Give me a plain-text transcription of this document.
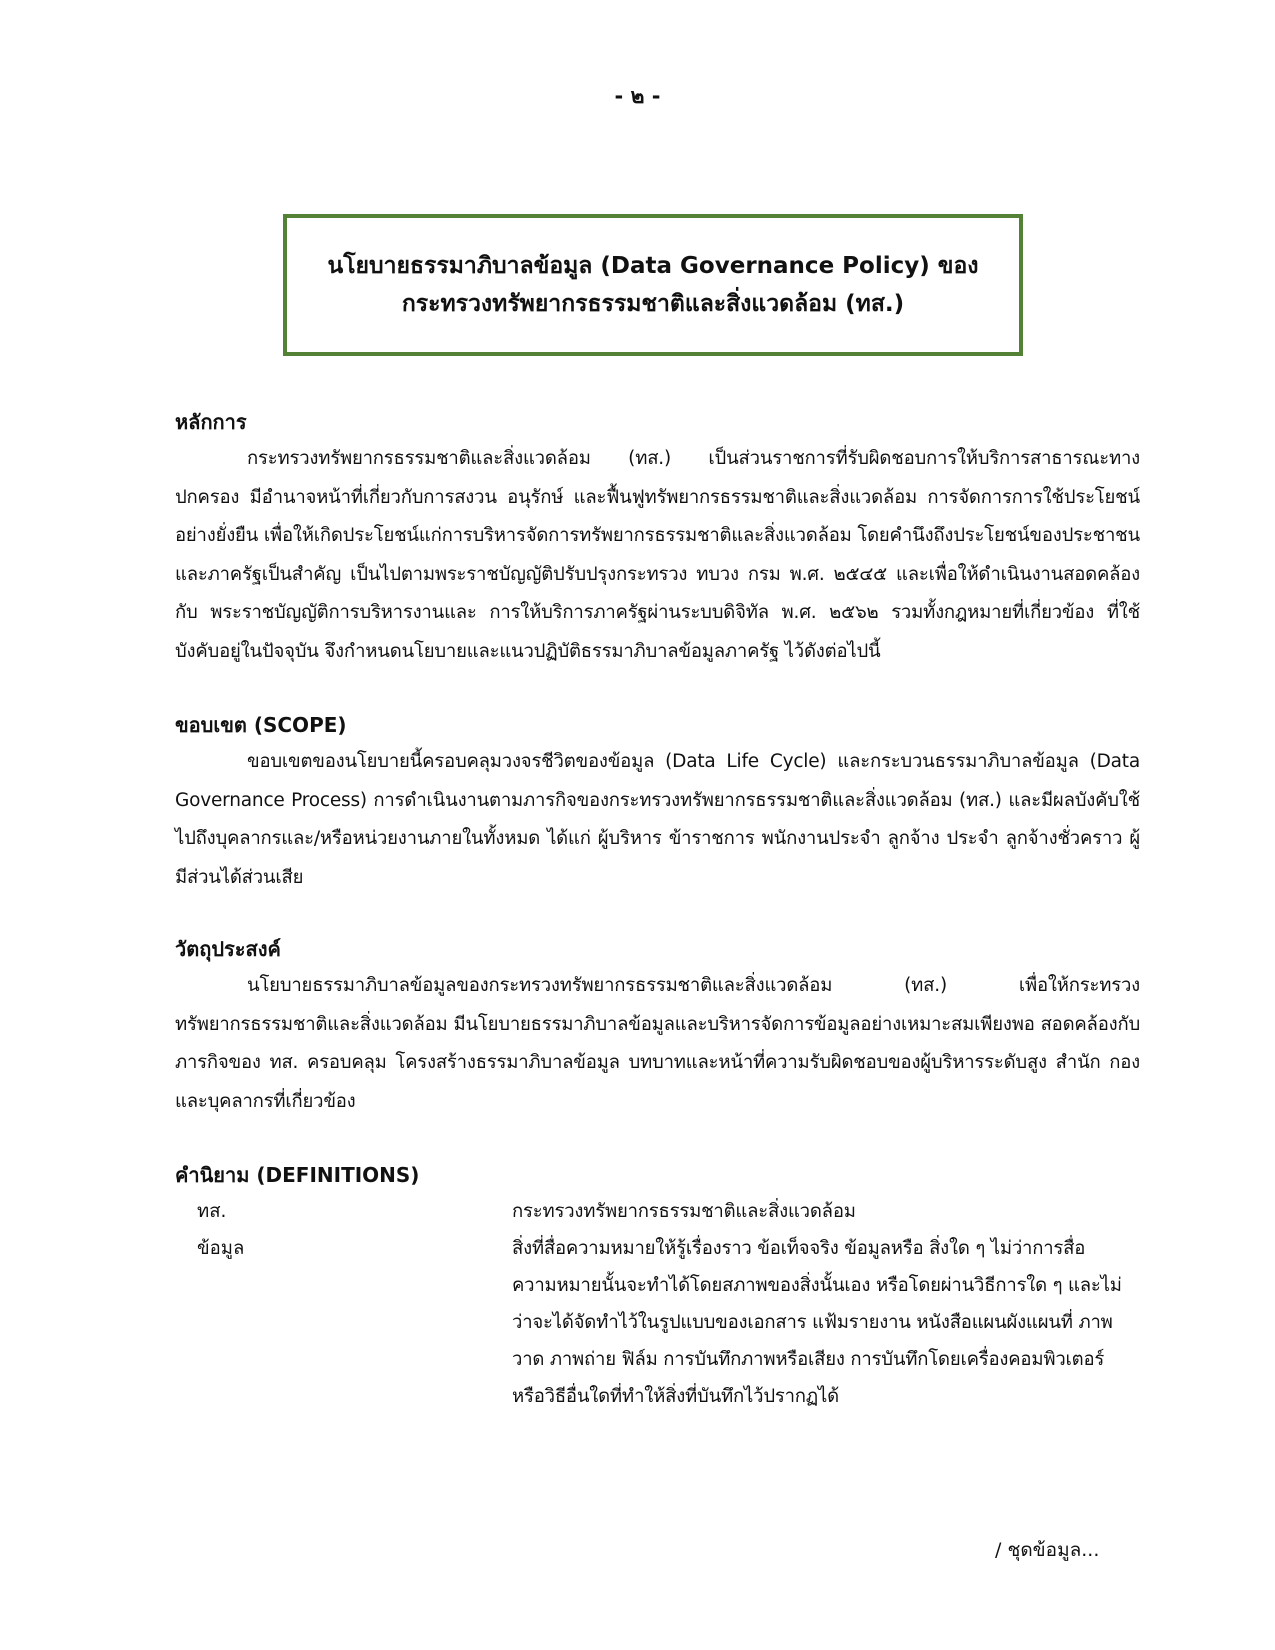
- ๒ -
นโยบายธรรมาภิบาลข้อมูล (Data Governance Policy) ของ
กระทรวงทรัพยากรธรรมชาติและสิ่งแวดล้อม (ทส.)
หลักการ
กระทรวงทรัพยากรธรรมชาติและสิ่งแวดล้อม (ทส.) เป็นส่วนราชการที่รับผิดชอบการให้บริการสาธารณะทางปกครอง มีอำนาจหน้าที่เกี่ยวกับการสงวน อนุรักษ์ และฟื้นฟูทรัพยากรธรรมชาติและสิ่งแวดล้อม การจัดการการใช้ประโยชน์อย่างยั่งยืน เพื่อให้เกิดประโยชน์แก่การบริหารจัดการทรัพยากรธรรมชาติและสิ่งแวดล้อม โดยคำนึงถึงประโยชน์ของประชาชนและภาครัฐเป็นสำคัญ เป็นไปตามพระราชบัญญัติปรับปรุงกระทรวง ทบวง กรม พ.ศ. ๒๕๔๕ และเพื่อให้ดำเนินงานสอดคล้องกับ พระราชบัญญัติการบริหารงานและ การให้บริการภาครัฐผ่านระบบดิจิทัล พ.ศ. ๒๕๖๒ รวมทั้งกฎหมายที่เกี่ยวข้อง ที่ใช้บังคับอยู่ในปัจจุบัน จึงกำหนดนโยบายและแนวปฏิบัติธรรมาภิบาลข้อมูลภาครัฐ ไว้ดังต่อไปนี้
ขอบเขต (SCOPE)
ขอบเขตของนโยบายนี้ครอบคลุมวงจรชีวิตของข้อมูล (Data Life Cycle) และกระบวนธรรมาภิบาลข้อมูล (Data Governance Process) การดำเนินงานตามภารกิจของกระทรวงทรัพยากรธรรมชาติและสิ่งแวดล้อม (ทส.) และมีผลบังคับใช้ไปถึงบุคลากรและ/หรือหน่วยงานภายในทั้งหมด ได้แก่ ผู้บริหาร ข้าราชการ พนักงานประจำ ลูกจ้าง ประจำ ลูกจ้างชั่วคราว ผู้มีส่วนได้ส่วนเสีย
วัตถุประสงค์
นโยบายธรรมาภิบาลข้อมูลของกระทรวงทรัพยากรธรรมชาติและสิ่งแวดล้อม (ทส.) เพื่อให้กระทรวงทรัพยากรธรรมชาติและสิ่งแวดล้อม มีนโยบายธรรมาภิบาลข้อมูลและบริหารจัดการข้อมูลอย่างเหมาะสมเพียงพอ สอดคล้องกับภารกิจของ ทส. ครอบคลุม โครงสร้างธรรมาภิบาลข้อมูล บทบาทและหน้าที่ความรับผิดชอบของผู้บริหารระดับสูง สำนัก กอง และบุคลากรที่เกี่ยวข้อง
คำนิยาม (DEFINITIONS)
ทส.	กระทรวงทรัพยากรธรรมชาติและสิ่งแวดล้อม
ข้อมูล	สิ่งที่สื่อความหมายให้รู้เรื่องราว ข้อเท็จจริง ข้อมูลหรือ สิ่งใด ๆ ไม่ว่าการสื่อความหมายนั้นจะทำได้โดยสภาพของสิ่งนั้นเอง หรือโดยผ่านวิธีการใด ๆ และไม่ว่าจะได้จัดทำไว้ในรูปแบบของเอกสาร แฟ้มรายงาน หนังสือแผนผังแผนที่ ภาพวาด ภาพถ่าย ฟิล์ม การบันทึกภาพหรือเสียง การบันทึกโดยเครื่องคอมพิวเตอร์ หรือวิธีอื่นใดที่ทำให้สิ่งที่บันทึกไว้ปรากฏได้
/ ชุดข้อมูล...
